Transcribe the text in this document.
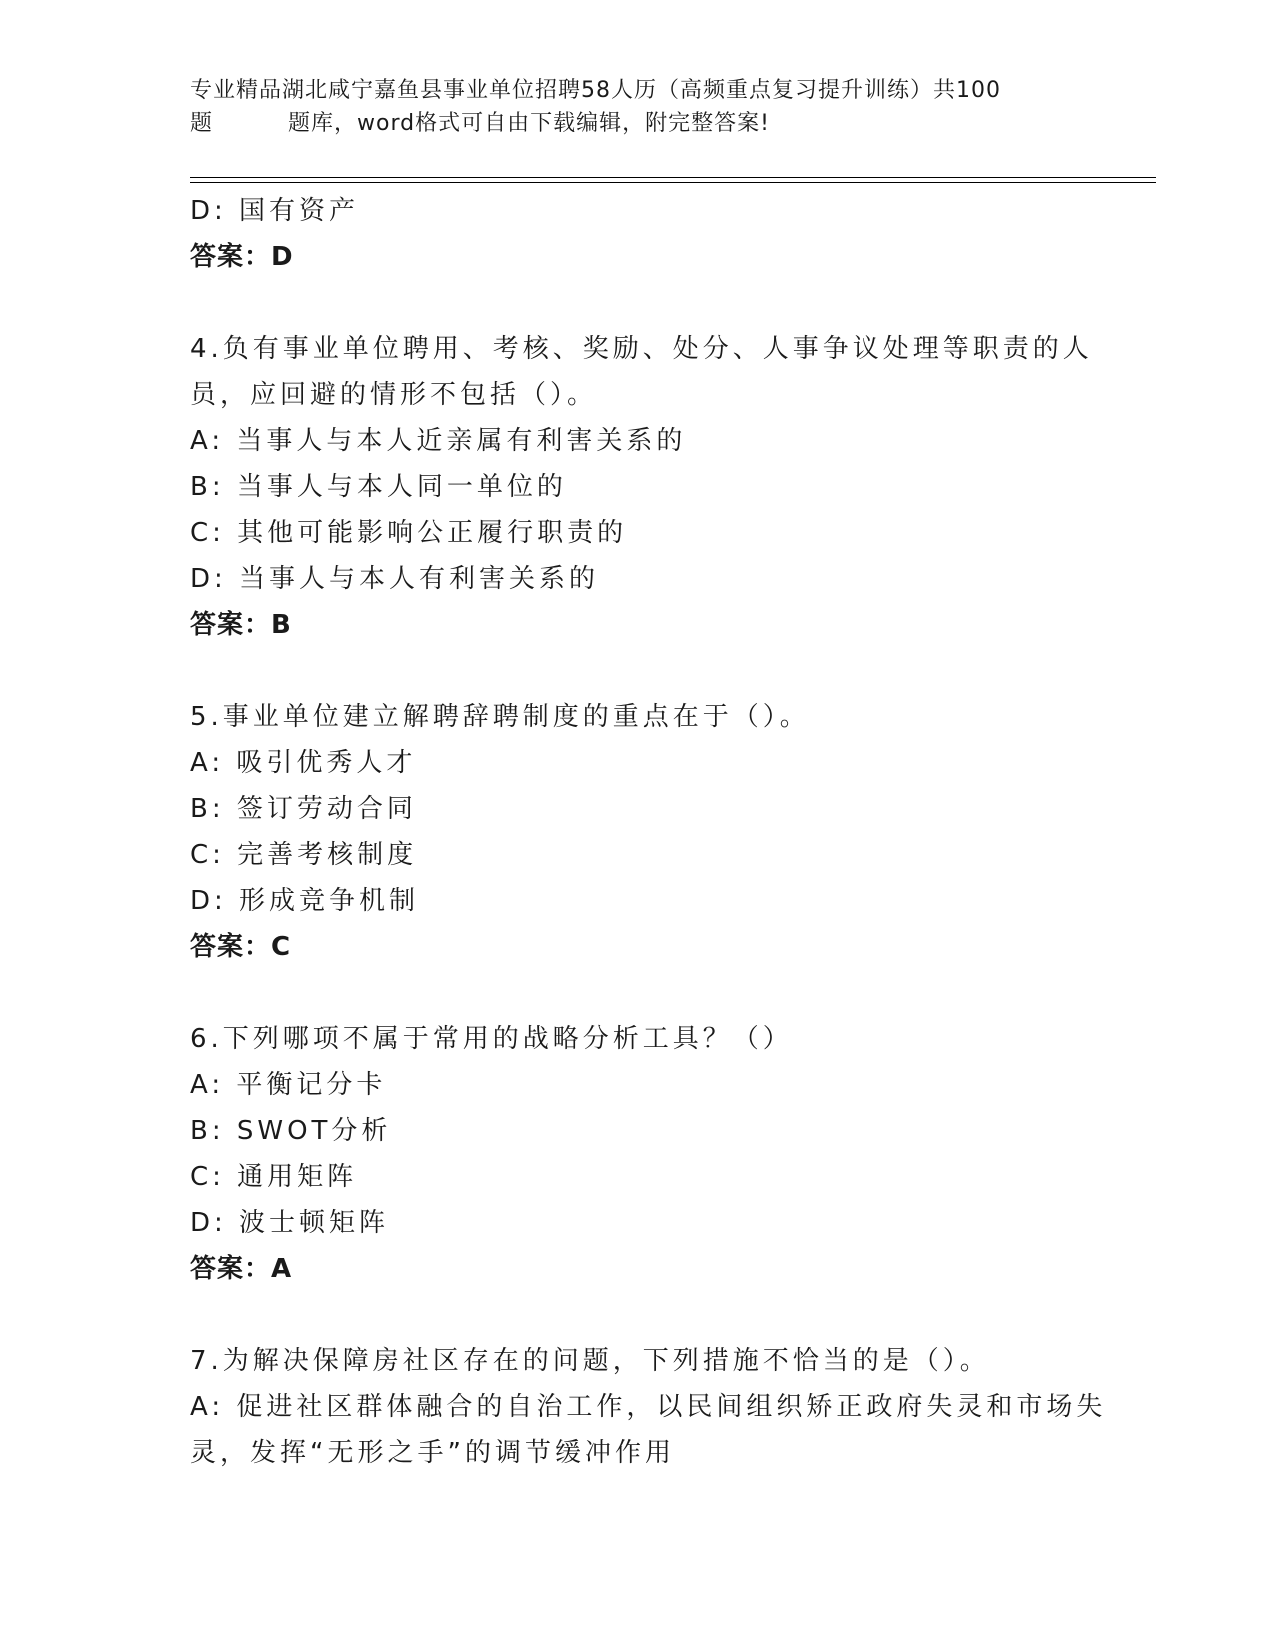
专业精品湖北咸宁嘉鱼县事业单位招聘58人历（高频重点复习提升训练）共100
题	题库，word格式可自由下载编辑，附完整答案!
D: 国有资产
答案：D
4.负有事业单位聘用、考核、奖励、处分、人事争议处理等职责的人
员，应回避的情形不包括（）。
A: 当事人与本人近亲属有利害关系的
B: 当事人与本人同一单位的
C: 其他可能影响公正履行职责的
D: 当事人与本人有利害关系的
答案：B
5.事业单位建立解聘辞聘制度的重点在于（）。
A: 吸引优秀人才
B: 签订劳动合同
C: 完善考核制度
D: 形成竞争机制
答案：C
6.下列哪项不属于常用的战略分析工具？（）
A: 平衡记分卡
B: SWOT分析
C: 通用矩阵
D: 波士顿矩阵
答案：A
7.为解决保障房社区存在的问题，下列措施不恰当的是（）。
A: 促进社区群体融合的自治工作，以民间组织矫正政府失灵和市场失
灵，发挥“无形之手”的调节缓冲作用
